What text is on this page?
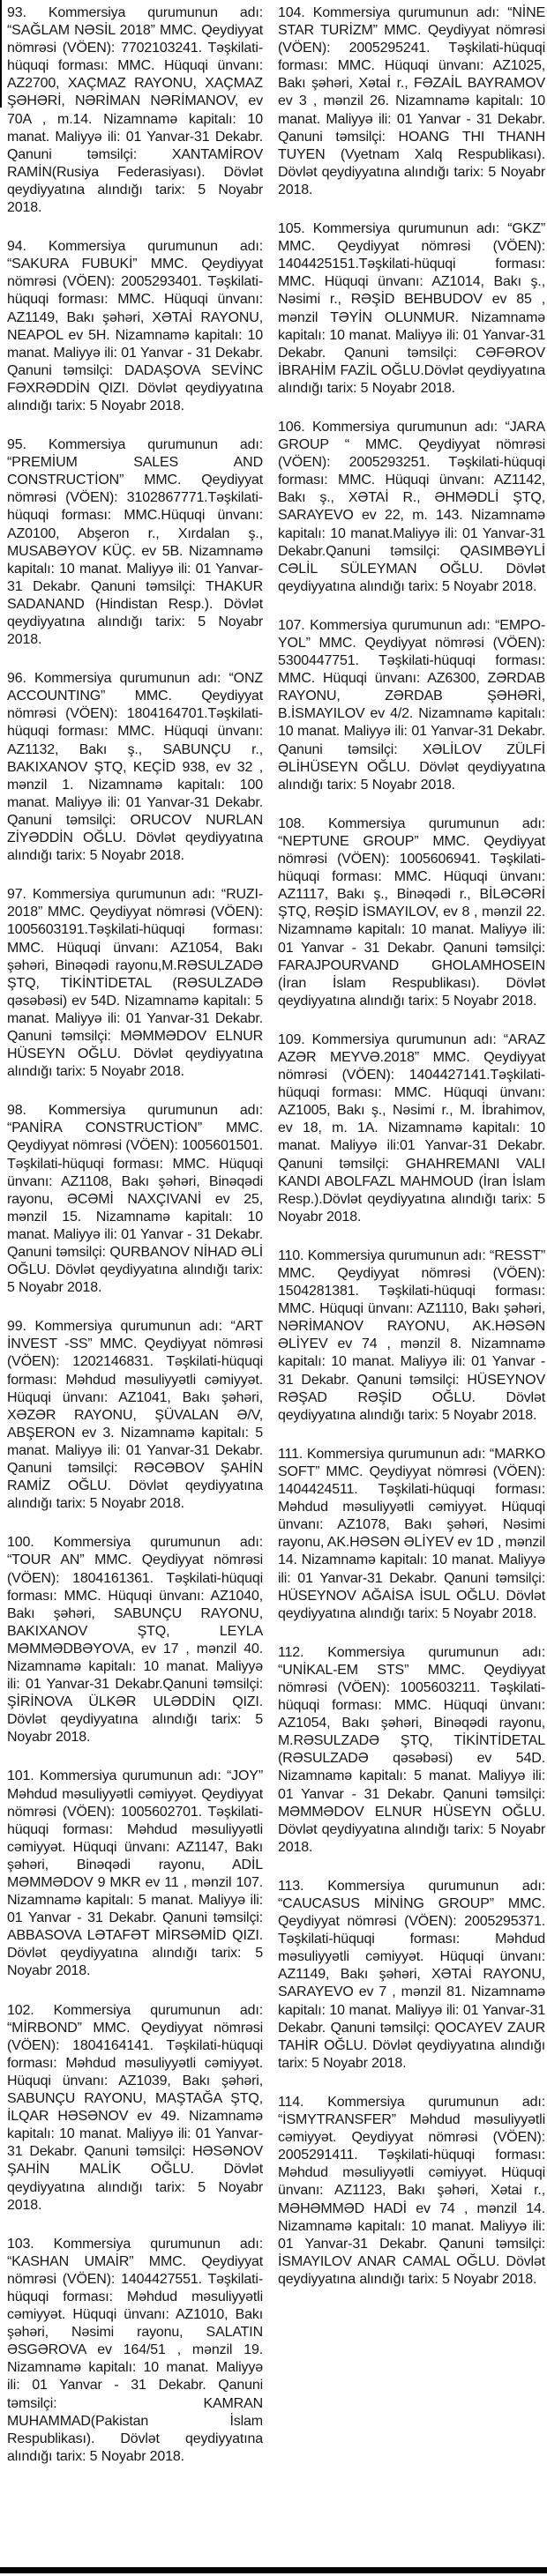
93. Kommersiya qurumunun adı: “SAĞLAM NƏSİL 2018” MMC. Qeydiyyat nömrəsi (VÖEN): 7702103241. Təşkilati-hüquqi forması: MMC. Hüquqi ünvanı: AZ2700, XAÇMAZ RAYONU, XAÇMAZ ŞƏHƏRİ, NƏRİMAN NƏRİMANOV, ev 70A , m.14. Nizamnamə kapitalı: 10 manat. Maliyyə ili: 01 Yanvar-31 Dekabr. Qanuni təmsilçi: XANTAMİROV RAMİN(Rusiya Federasiyası). Dövlət qeydiyyatına alındığı tarix: 5 Noyabr 2018.

94. Kommersiya qurumunun adı: “SAKURA FUBUKİ” MMC. Qeydiyyat nömrəsi (VÖEN): 2005293401. Təşkilati-hüquqi forması: MMC. Hüquqi ünvanı: AZ1149, Bakı şəhəri, XƏTAİ RAYONU, NEAPOL ev 5H. Nizamnamə kapitalı: 10 manat. Maliyyə ili: 01 Yanvar - 31 Dekabr. Qanuni təmsilçi: DADAŞOVA SEVİNC FƏXRƏDDİN QIZI. Dövlət qeydiyyatına alındığı tarix: 5 Noyabr 2018.

95. Kommersiya qurumunun adı: “PREMİUM SALES AND CONSTRUCTİON” MMC. Qeydiyyat nömrəsi (VÖEN): 3102867771.Təşkilati-hüquqi forması: MMC.Hüquqi ünvanı: AZ0100, Abşeron r., Xırdalan ş., MUSABƏYOV KÜÇ. ev 5B. Nizamnamə kapitalı: 10 manat. Maliyyə ili: 01 Yanvar-31 Dekabr. Qanuni təmsilçi: THAKUR SADANAND (Hindistan Resp.). Dövlət qeydiyyatına alındığı tarix: 5 Noyabr 2018.

96. Kommersiya qurumunun adı: “ONZ ACCOUNTING” MMC. Qeydiyyat nömrəsi (VÖEN): 1804164701.Təşkilati-hüquqi forması: MMC. Hüquqi ünvanı: AZ1132, Bakı ş., SABUNÇU r., BAKIXANOV ŞTQ, KEÇİD 938, ev 32 , mənzil 1. Nizamnamə kapitalı: 100 manat. Maliyyə ili: 01 Yanvar-31 Dekabr. Qanuni təmsilçi: ORUCOV NURLAN ZİYƏDDİN OĞLU. Dövlət qeydiyyatına alındığı tarix: 5 Noyabr 2018.

97. Kommersiya qurumunun adı: “RUZI-2018” MMC. Qeydiyyat nömrəsi (VÖEN): 1005603191.Təşkilati-hüquqi forması: MMC. Hüquqi ünvanı: AZ1054, Bakı şəhəri, Binəqədi rayonu,M.RƏSULZADƏ ŞTQ, TİKİNTİDETAL (RƏSULZADƏ qəsəbəsi) ev 54D. Nizamnamə kapitalı: 5 manat. Maliyyə ili: 01 Yanvar-31 Dekabr. Qanuni təmsilçi: MƏMMƏDOV ELNUR HÜSEYN OĞLU. Dövlət qeydiyyatına alındığı tarix: 5 Noyabr 2018.

98. Kommersiya qurumunun adı: “PANİRA CONSTRUCTİON” MMC. Qeydiyyat nömrəsi (VÖEN): 1005601501. Təşkilati-hüquqi forması: MMC. Hüquqi ünvanı: AZ1108, Bakı şəhəri, Binəqədi rayonu, ƏCƏMİ NAXÇIVANİ ev 25, mənzil 15. Nizamnamə kapitalı: 10 manat. Maliyyə ili: 01 Yanvar - 31 Dekabr. Qanuni təmsilçi: QURBANOV NİHAD ƏLİ OĞLU. Dövlət qeydiyyatına alındığı tarix: 5 Noyabr 2018.

99. Kommersiya qurumunun adı: “ART İNVEST -SS” MMC. Qeydiyyat nömrəsi (VÖEN): 1202146831. Təşkilati-hüquqi forması: Məhdud məsuliyyətli cəmiyyət. Hüquqi ünvanı: AZ1041, Bakı şəhəri, XƏZƏR RAYONU, ŞÜVALAN Ə/V, ABŞERON ev 3. Nizamnamə kapitalı: 5 manat. Maliyyə ili: 01 Yanvar-31 Dekabr. Qanuni təmsilçi: RƏCƏBOV ŞAHİN RAMİZ OĞLU. Dövlət qeydiyyatına alındığı tarix: 5 Noyabr 2018.

100. Kommersiya qurumunun adı: “TOUR AN” MMC. Qeydiyyat nömrəsi (VÖEN): 1804161361. Təşkilati-hüquqi forması: MMC. Hüquqi ünvanı: AZ1040, Bakı şəhəri, SABUNÇU RAYONU, BAKIXANOV ŞTQ, LEYLA MƏMMƏDBƏYOVA, ev 17 , mənzil 40. Nizamnamə kapitalı: 10 manat. Maliyyə ili: 01 Yanvar-31 Dekabr.Qanuni təmsilçi: ŞİRİNOVA ÜLKƏR ULƏDDİN QIZI. Dövlət qeydiyyatına alındığı tarix: 5 Noyabr 2018.

101. Kommersiya qurumunun adı: “JOY” Məhdud məsuliyyətli cəmiyyət. Qeydiyyat nömrəsi (VÖEN): 1005602701. Təşkilati-hüquqi forması: Məhdud məsuliyyətli cəmiyyət. Hüquqi ünvanı: AZ1147, Bakı şəhəri, Binəqədi rayonu, ADİL MƏMMƏDOV 9 MKR ev 11 , mənzil 107. Nizamnamə kapitalı: 5 manat. Maliyyə ili: 01 Yanvar - 31 Dekabr. Qanuni təmsilçi: ABBASOVA LƏTAFƏT MİRSƏMİD QIZI. Dövlət qeydiyyatına alındığı tarix: 5 Noyabr 2018.

102. Kommersiya qurumunun adı: “MİRBOND” MMC. Qeydiyyat nömrəsi (VÖEN): 1804164141. Təşkilati-hüquqi forması: Məhdud məsuliyyətli cəmiyyət. Hüquqi ünvanı: AZ1039, Bakı şəhəri, SABUNÇU RAYONU, MAŞTAĞA ŞTQ, İLQAR HƏSƏNOV ev 49. Nizamnamə kapitalı: 10 manat. Maliyyə ili: 01 Yanvar-31 Dekabr. Qanuni təmsilçi: HƏSƏNOV ŞAHİN MALİK OĞLU. Dövlət qeydiyyatına alındığı tarix: 5 Noyabr 2018.

103. Kommersiya qurumunun adı: “KASHAN UMAİR” MMC. Qeydiyyat nömrəsi (VÖEN): 1404427551. Təşkilati-hüquqi forması: Məhdud məsuliyyətli cəmiyyət. Hüquqi ünvanı: AZ1010, Bakı şəhəri, Nəsimi rayonu, SALATIN ƏSGƏROVA ev 164/51 , mənzil 19. Nizamnamə kapitalı: 10 manat. Maliyyə ili: 01 Yanvar - 31 Dekabr. Qanuni təmsilçi: KAMRAN MUHAMMAD(Pakistan İslam Respublikası). Dövlət qeydiyyatına alındığı tarix: 5 Noyabr 2018.

104. Kommersiya qurumunun adı: “NİNE STAR TURİZM” MMC. Qeydiyyat nömrəsi (VÖEN): 2005295241. Təşkilati-hüquqi forması: MMC. Hüquqi ünvanı: AZ1025, Bakı şəhəri, Xətaİ r., FƏZAİL BAYRAMOV ev 3 , mənzil 26. Nizamnamə kapitalı: 10 manat. Maliyyə ili: 01 Yanvar - 31 Dekabr. Qanuni təmsilçi: HOANG THI THANH TUYEN (Vyetnam Xalq Respublikası). Dövlət qeydiyyatına alındığı tarix: 5 Noyabr 2018.

105. Kommersiya qurumunun adı: “GKZ” MMC. Qeydiyyat nömrəsi (VÖEN): 1404425151.Təşkilati-hüquqi forması: MMC. Hüquqi ünvanı: AZ1014, Bakı ş., Nəsimi r., RƏŞİD BEHBUDOV ev 85 , mənzil TƏYİN OLUNMUR. Nizamnamə kapitalı: 10 manat. Maliyyə ili: 01 Yanvar-31 Dekabr. Qanuni təmsilçi: CƏFƏROV İBRAHİM FAZİL OĞLU.Dövlət qeydiyyatına alındığı tarix: 5 Noyabr 2018.

106. Kommersiya qurumunun adı: “JARA GROUP “ MMC. Qeydiyyat nömrəsi (VÖEN): 2005293251. Təşkilati-hüquqi forması: MMC. Hüquqi ünvanı: AZ1142, Bakı ş., XƏTAİ R., ƏHMƏDLİ ŞTQ, SARAYEVO ev 22, m. 143. Nizamnamə kapitalı: 10 manat.Maliyyə ili: 01 Yanvar-31 Dekabr.Qanuni təmsilçi: QASIMBƏYLİ CƏLİL SÜLEYMAN OĞLU. Dövlət qeydiyyatına alındığı tarix: 5 Noyabr 2018.

107. Kommersiya qurumunun adı: “EMPO-YOL” MMC. Qeydiyyat nömrəsi (VÖEN): 5300447751. Təşkilati-hüquqi forması: MMC. Hüquqi ünvanı: AZ6300, ZƏRDAB RAYONU, ZƏRDAB ŞƏHƏRİ, B.İSMAYILOV ev 4/2. Nizamnamə kapitalı: 10 manat. Maliyyə ili: 01 Yanvar-31 Dekabr. Qanuni təmsilçi: XƏLİLOV ZÜLFİ ƏLİHÜSEYN OĞLU. Dövlət qeydiyyatına alındığı tarix: 5 Noyabr 2018.

108. Kommersiya qurumunun adı: “NEPTUNE GROUP” MMC. Qeydiyyat nömrəsi (VÖEN): 1005606941. Təşkilati-hüquqi forması: MMC. Hüquqi ünvanı: AZ1117, Bakı ş., Binəqədi r., BİLƏCƏRİ ŞTQ, RƏŞİD İSMAYILOV, ev 8 , mənzil 22. Nizamnamə kapitalı: 10 manat. Maliyyə ili: 01 Yanvar - 31 Dekabr. Qanuni təmsilçi: FARAJPOURVAND GHOLAMHOSEIN (İran İslam Respublikası). Dövlət qeydiyyatına alındığı tarix: 5 Noyabr 2018.

109. Kommersiya qurumunun adı: “ARAZ AZƏR MEYVƏ.2018” MMC. Qeydiyyat nömrəsi (VÖEN): 1404427141.Təşkilati-hüquqi forması: MMC. Hüquqi ünvanı: AZ1005, Bakı ş., Nəsimi r., M. İbrahimov, ev 18, m. 1A. Nizamnamə kapitalı: 10 manat. Maliyyə ili:01 Yanvar-31 Dekabr. Qanuni təmsilçi: GHAHREMANI VALI KANDI ABOLFAZL MAHMOUD (İran İslam Resp.).Dövlət qeydiyyatına alındığı tarix: 5 Noyabr 2018.

110. Kommersiya qurumunun adı: “RESST” MMC. Qeydiyyat nömrəsi (VÖEN): 1504281381. Təşkilati-hüquqi forması: MMC. Hüquqi ünvanı: AZ1110, Bakı şəhəri, NƏRİMANOV RAYONU, AK.HƏSƏN ƏLİYEV ev 74 , mənzil 8. Nizamnamə kapitalı: 10 manat. Maliyyə ili: 01 Yanvar - 31 Dekabr. Qanuni təmsilçi: HÜSEYNOV RƏŞAD RƏŞİD OĞLU. Dövlət qeydiyyatına alındığı tarix: 5 Noyabr 2018.

111. Kommersiya qurumunun adı: “MARKO SOFT” MMC. Qeydiyyat nömrəsi (VÖEN): 1404424511. Təşkilati-hüquqi forması: Məhdud məsuliyyətli cəmiyyət. Hüquqi ünvanı: AZ1078, Bakı şəhəri, Nəsimi rayonu, AK.HƏSƏN ƏLİYEV ev 1D , mənzil 14. Nizamnamə kapitalı: 10 manat. Maliyyə ili: 01 Yanvar-31 Dekabr. Qanuni təmsilçi: HÜSEYNOV AĞAİSA İSUL OĞLU. Dövlət qeydiyyatına alındığı tarix: 5 Noyabr 2018.

112. Kommersiya qurumunun adı: “UNİKAL-EM STS” MMC. Qeydiyyat nömrəsi (VÖEN): 1005603211. Təşkilati-hüquqi forması: MMC. Hüquqi ünvanı: AZ1054, Bakı şəhəri, Binəqədi rayonu, M.RƏSULZADƏ ŞTQ, TİKİNTİDETAL (RƏSULZADƏ qəsəbəsi) ev 54D. Nizamnamə kapitalı: 5 manat. Maliyyə ili: 01 Yanvar - 31 Dekabr. Qanuni təmsilçi: MƏMMƏDOV ELNUR HÜSEYN OĞLU. Dövlət qeydiyyatına alındığı tarix: 5 Noyabr 2018.

113. Kommersiya qurumunun adı: “CAUCASUS MİNİNG GROUP” MMC. Qeydiyyat nömrəsi (VÖEN): 2005295371. Təşkilati-hüquqi forması: Məhdud məsuliyyətli cəmiyyət. Hüquqi ünvanı: AZ1149, Bakı şəhəri, XƏTAİ RAYONU, SARAYEVO ev 7 , mənzil 81. Nizamnamə kapitalı: 10 manat. Maliyyə ili: 01 Yanvar-31 Dekabr. Qanuni təmsilçi: QOCAYEV ZAUR TAHİR OĞLU. Dövlət qeydiyyatına alındığı tarix: 5 Noyabr 2018.

114. Kommersiya qurumunun adı: “İSMYTRANSFER” Məhdud məsuliyyətli cəmiyyət. Qeydiyyat nömrəsi (VÖEN): 2005291411. Təşkilati-hüquqi forması: Məhdud məsuliyyətli cəmiyyət. Hüquqi ünvanı: AZ1123, Bakı şəhəri, Xətai r., MƏHƏMMƏD HADİ ev 74 , mənzil 14. Nizamnamə kapitalı: 10 manat. Maliyyə ili: 01 Yanvar-31 Dekabr. Qanuni təmsilçi: İSMAYILOV ANAR CAMAL OĞLU. Dövlət qeydiyyatına alındığı tarix: 5 Noyabr 2018.
